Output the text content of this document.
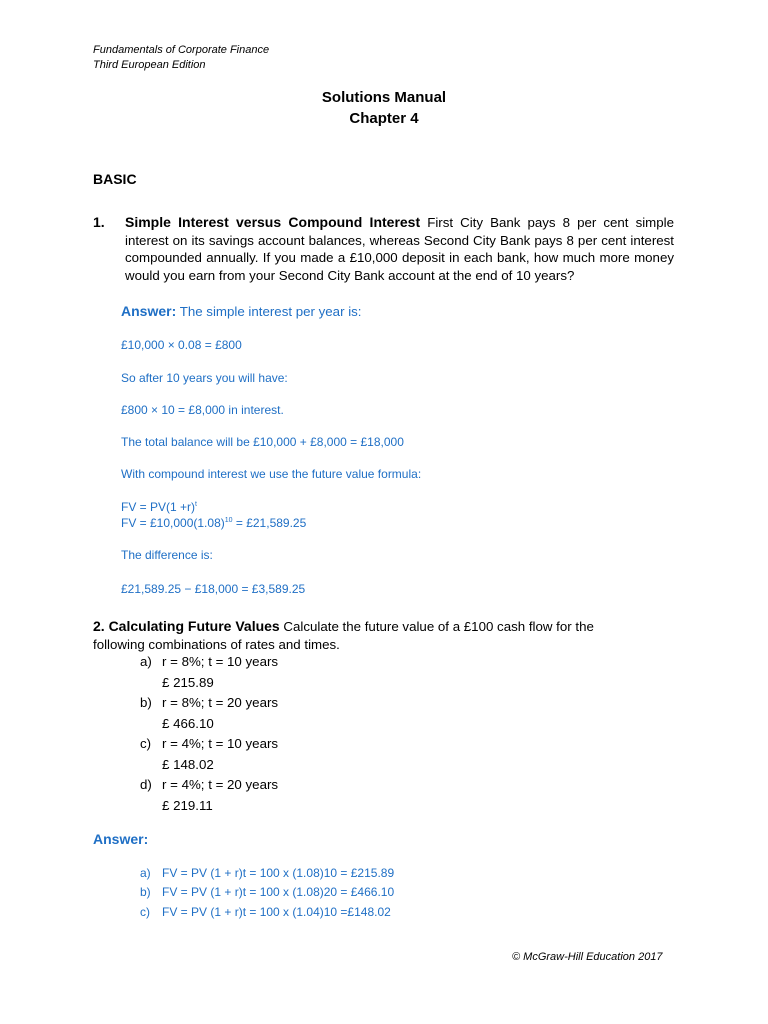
Fundamentals of Corporate Finance
Third European Edition
Solutions Manual
Chapter 4
BASIC
1. Simple Interest versus Compound Interest First City Bank pays 8 per cent simple interest on its savings account balances, whereas Second City Bank pays 8 per cent interest compounded annually. If you made a £10,000 deposit in each bank, how much more money would you earn from your Second City Bank account at the end of 10 years?
Answer: The simple interest per year is:
£10,000 × 0.08 = £800
So after 10 years you will have:
£800 × 10 = £8,000 in interest.
The total balance will be £10,000 + £8,000 = £18,000
With compound interest we use the future value formula:
FV = $PV(1 +r)^t$
FV = $£10,000(1.08)^{10}$ = £21,589.25
The difference is:
£21,589.25 − £18,000 = £3,589.25
2. Calculating Future Values Calculate the future value of a £100 cash flow for the following combinations of rates and times.
a) r = 8%; t = 10 years
£ 215.89
b) r = 8%; t = 20 years
£ 466.10
c) r = 4%; t = 10 years
£ 148.02
d) r = 4%; t = 20 years
£ 219.11
Answer:
a) FV = PV (1 + r)t = 100 x (1.08)10 = £215.89
b) FV = PV (1 + r)t = 100 x (1.08)20 = £466.10
c) FV = PV (1 + r)t = 100 x (1.04)10 =£148.02
© McGraw-Hill Education 2017
